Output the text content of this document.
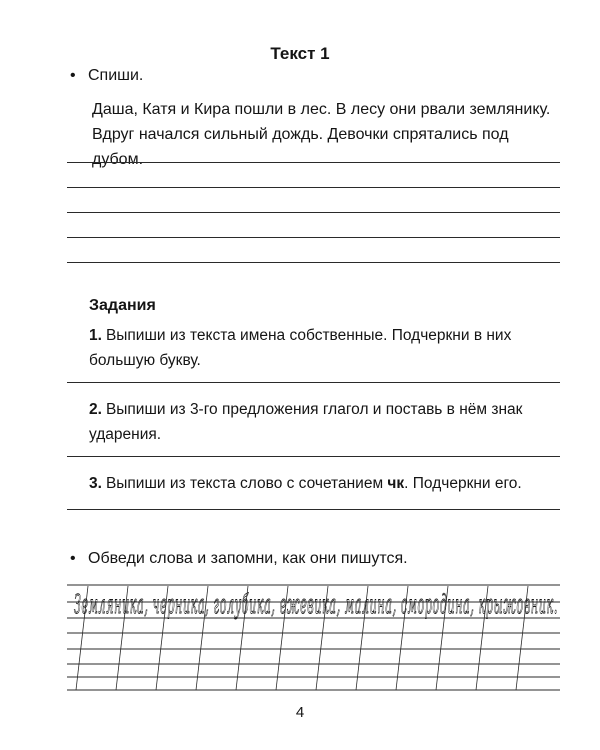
Текст 1
• Спиши.
Даша, Катя и Кира пошли в лес. В лесу они рвали землянику.
Вдруг начался сильный дождь. Девочки спрятались под дубом.
Задания
1. Выпиши из текста имена собственные. Подчеркни в них большую букву.
2. Выпиши из 3-го предложения глагол и поставь в нём знак ударения.
3. Выпиши из текста слово с сочетанием чк. Подчеркни его.
• Обведи слова и запомни, как они пишутся.
Земляника, черника, голубика, ежевика, малина, смородина, крыжовник.
4
